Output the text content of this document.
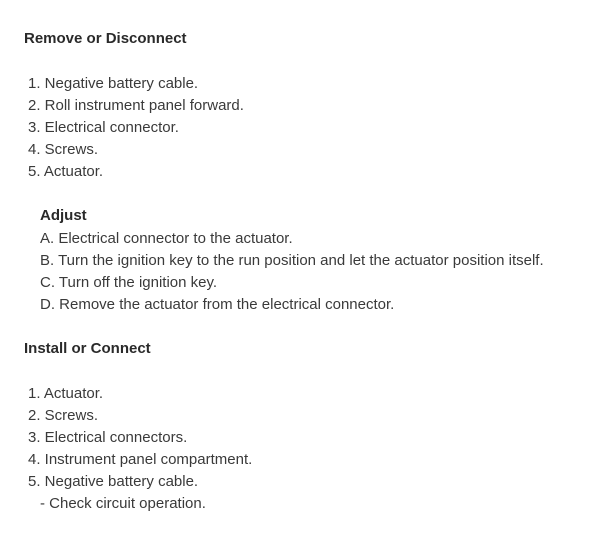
Remove or Disconnect
1. Negative battery cable.
2. Roll instrument panel forward.
3. Electrical connector.
4. Screws.
5. Actuator.
Adjust
A. Electrical connector to the actuator.
B. Turn the ignition key to the run position and let the actuator position itself.
C. Turn off the ignition key.
D. Remove the actuator from the electrical connector.
Install or Connect
1. Actuator.
2. Screws.
3. Electrical connectors.
4. Instrument panel compartment.
5. Negative battery cable.
- Check circuit operation.
